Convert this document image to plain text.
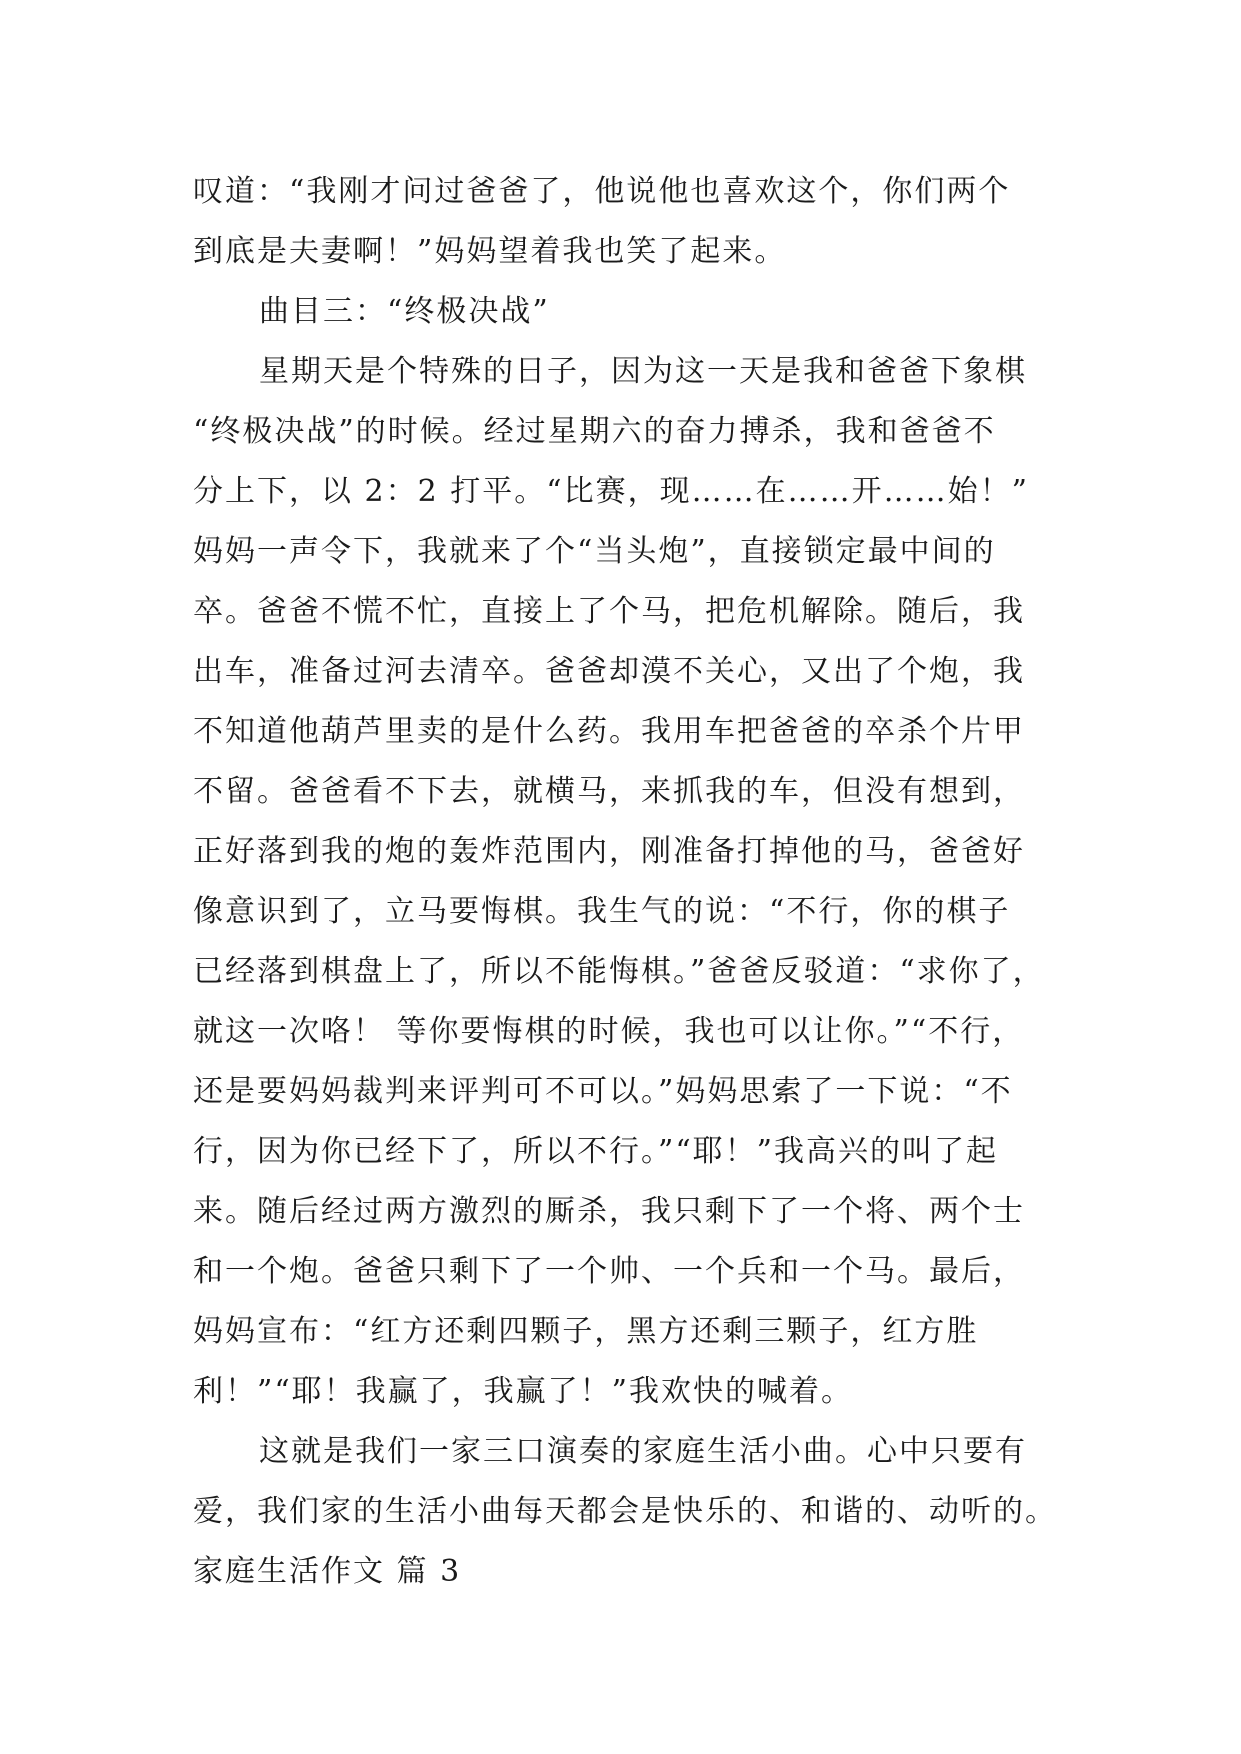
叹道：“我刚才问过爸爸了，他说他也喜欢这个，你们两个
到底是夫妻啊！”妈妈望着我也笑了起来。
曲目三：“终极决战”
星期天是个特殊的日子，因为这一天是我和爸爸下象棋
“终极决战”的时候。经过星期六的奋力搏杀，我和爸爸不
分上下，以 2：2 打平。“比赛，现……在……开……始！”
妈妈一声令下，我就来了个“当头炮”，直接锁定最中间的
卒。爸爸不慌不忙，直接上了个马，把危机解除。随后，我
出车，准备过河去清卒。爸爸却漠不关心，又出了个炮，我
不知道他葫芦里卖的是什么药。我用车把爸爸的卒杀个片甲
不留。爸爸看不下去，就横马，来抓我的车，但没有想到，
正好落到我的炮的轰炸范围内，刚准备打掉他的马，爸爸好
像意识到了，立马要悔棋。我生气的说：“不行，你的棋子
已经落到棋盘上了，所以不能悔棋。”爸爸反驳道：“求你了，
就这一次咯！ 等你要悔棋的时候，我也可以让你。”“不行，
还是要妈妈裁判来评判可不可以。”妈妈思索了一下说：“不
行，因为你已经下了，所以不行。”“耶！”我高兴的叫了起
来。随后经过两方激烈的厮杀，我只剩下了一个将、两个士
和一个炮。爸爸只剩下了一个帅、一个兵和一个马。最后，
妈妈宣布：“红方还剩四颗子，黑方还剩三颗子，红方胜
利！”“耶！我赢了，我赢了！”我欢快的喊着。
这就是我们一家三口演奏的家庭生活小曲。心中只要有
爱，我们家的生活小曲每天都会是快乐的、和谐的、动听的。
家庭生活作文 篇 3
